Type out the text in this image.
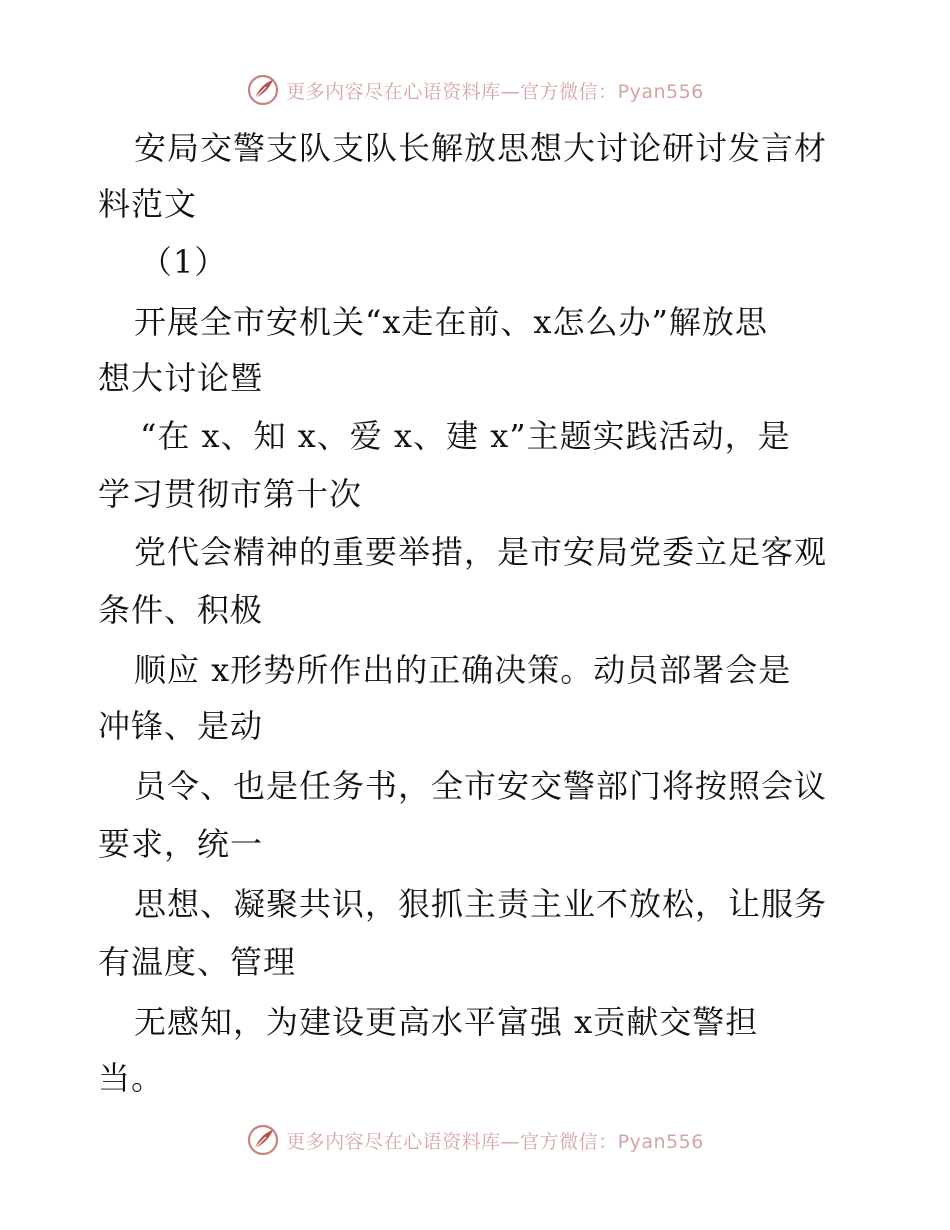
更多内容尽在心语资料库—官方微信：Pyan556
安局交警支队支队长解放思想大讨论研讨发言材
料范文
（1）
开展全市安机关“x走在前、x怎么办”解放思
想大讨论暨
“在 x、知 x、爱 x、建 x”主题实践活动，是
学习贯彻市第十次
党代会精神的重要举措，是市安局党委立足客观
条件、积极
顺应 x形势所作出的正确决策。动员部署会是
冲锋、是动
员令、也是任务书，全市安交警部门将按照会议
要求，统一
思想、凝聚共识，狠抓主责主业不放松，让服务
有温度、管理
无感知，为建设更高水平富强 x贡献交警担
当。
更多内容尽在心语资料库—官方微信：Pyan556
